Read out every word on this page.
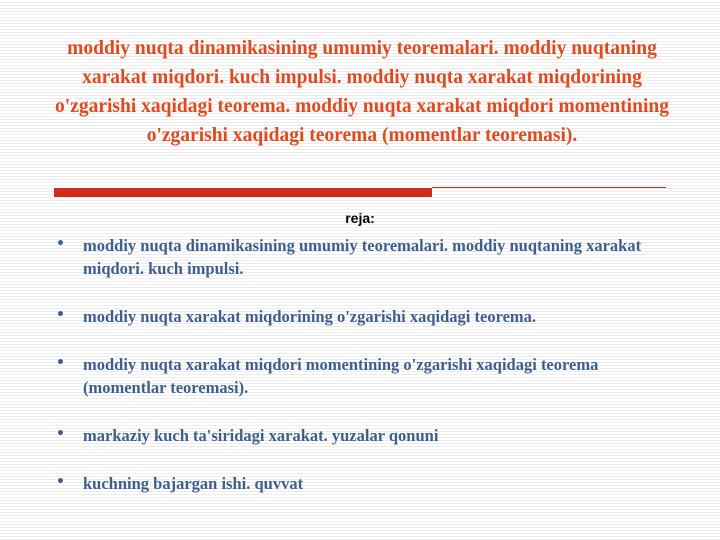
moddiy nuqta dinamikasining umumiy teoremalari. moddiy nuqtaning xarakat miqdori. kuch impulsi. moddiy nuqta xarakat miqdorining o'zgarishi xaqidagi teorema. moddiy nuqta xarakat miqdori momentining o'zgarishi xaqidagi teorema (momentlar teoremasi).
reja:
• moddiy nuqta dinamikasining umumiy teoremalari. moddiy nuqtaning xarakat miqdori. kuch impulsi.
• moddiy nuqta xarakat miqdorining o'zgarishi xaqidagi teorema.
• moddiy nuqta xarakat miqdori momentining o'zgarishi xaqidagi teorema (momentlar teoremasi).
• markaziy kuch ta'siridagi xarakat. yuzalar qonuni
• kuchning bajargan ishi. quvvat
